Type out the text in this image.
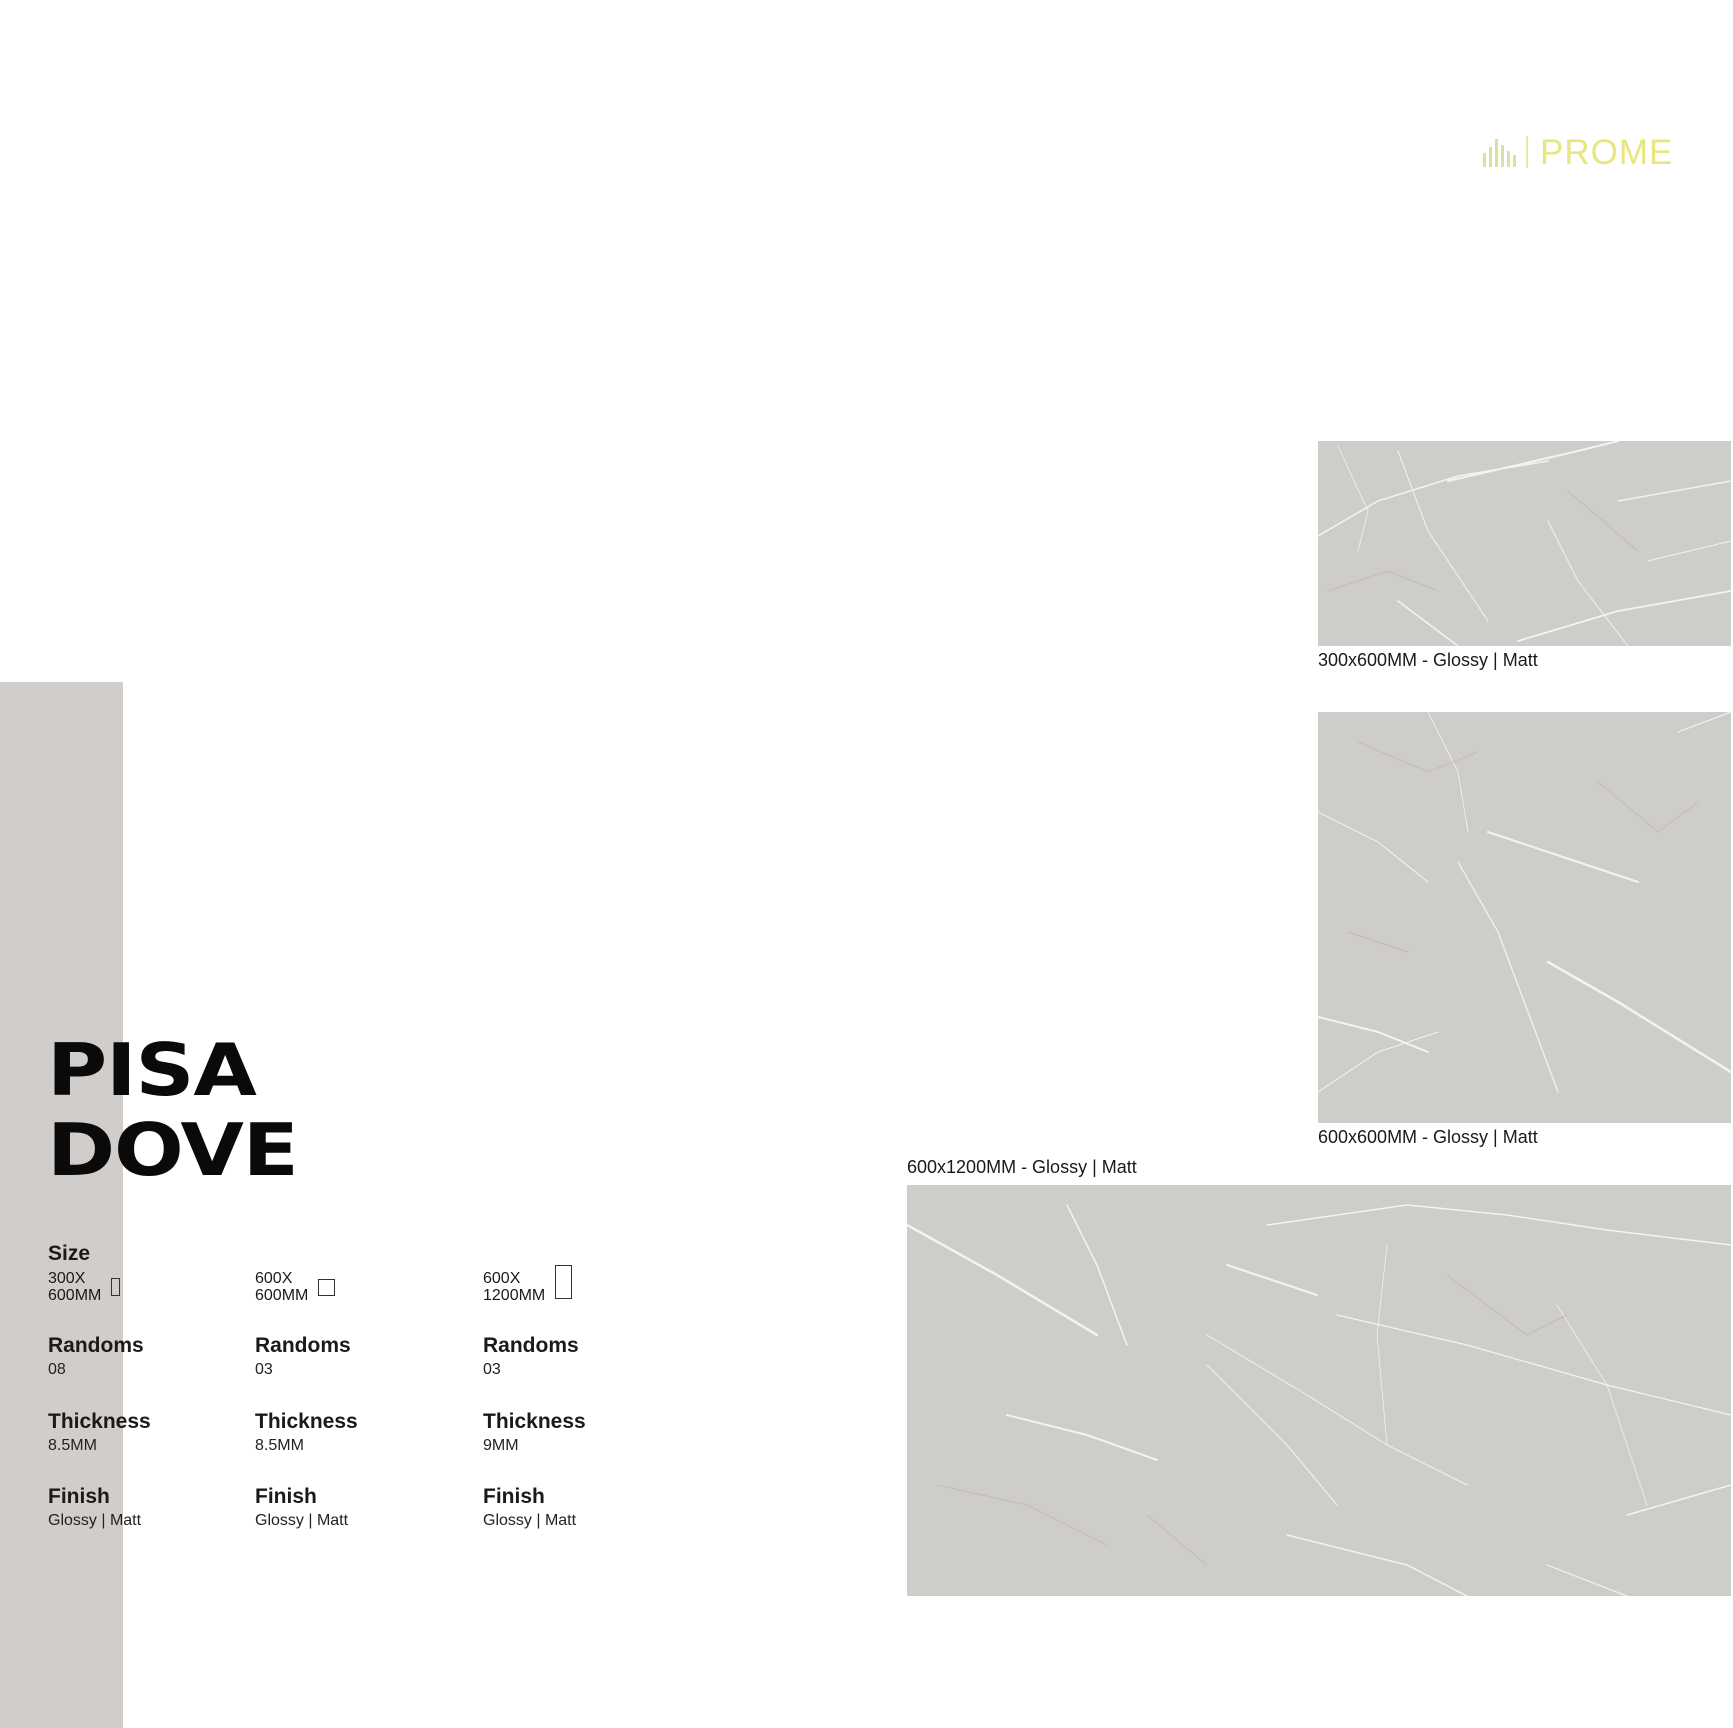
PROME
PISA
DOVE
Size
300X
600MM
Randoms
08
Thickness
8.5MM
Finish
Glossy | Matt

600X
600MM
Randoms
03
Thickness
8.5MM
Finish
Glossy | Matt

600X
1200MM
Randoms
03
Thickness
9MM
Finish
Glossy | Matt
300x600MM - Glossy | Matt
600x600MM - Glossy | Matt
600x1200MM - Glossy | Matt
